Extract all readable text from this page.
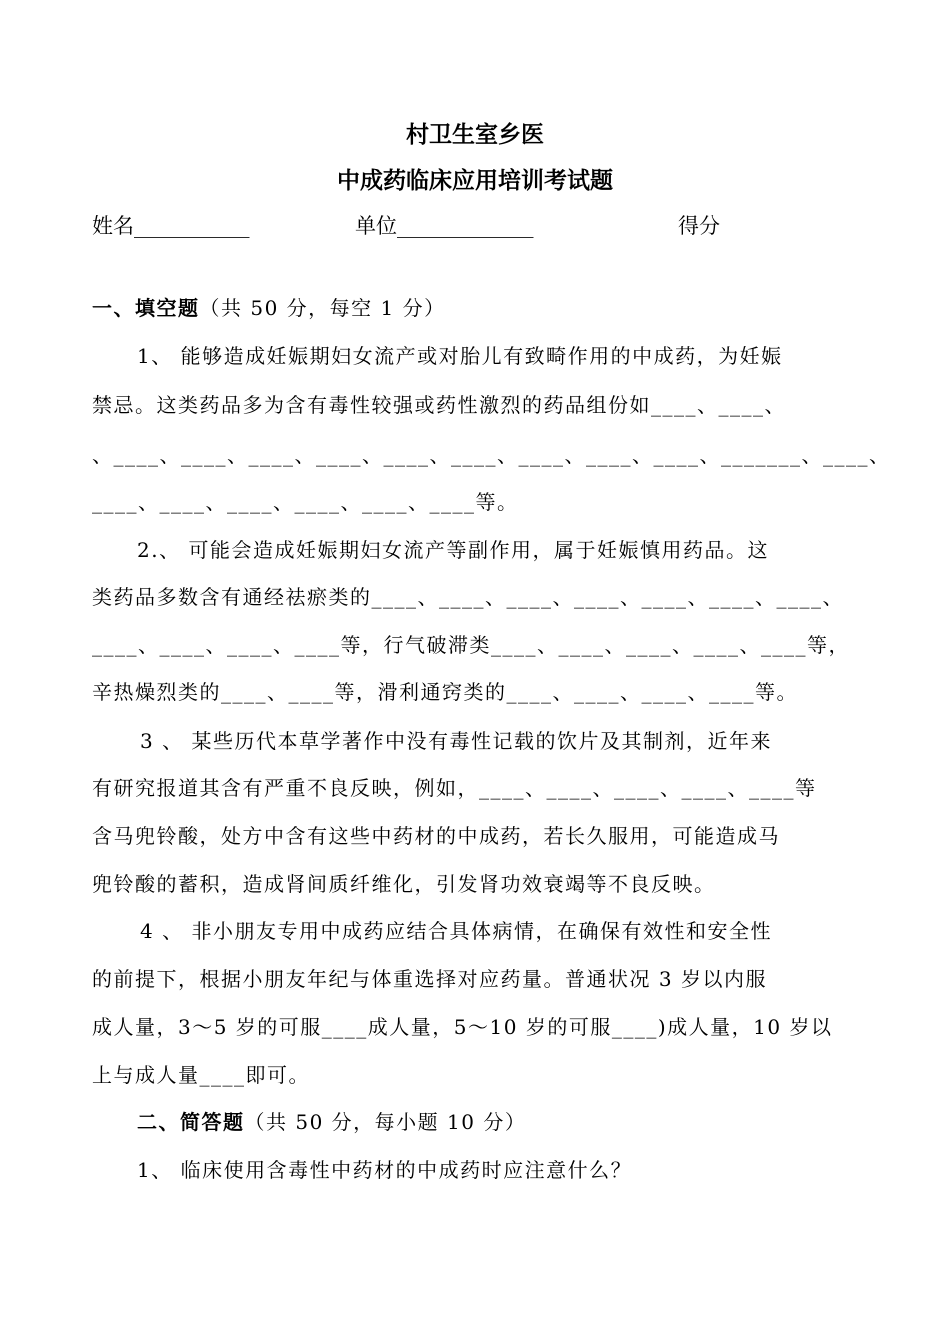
村卫生室乡医
中成药临床应用培训考试题
姓名___________	单位_____________	得分
一、填空题（共 50 分，每空 1 分）
1、 能够造成妊娠期妇女流产或对胎儿有致畸作用的中成药，为妊娠
禁忌。这类药品多为含有毒性较强或药性激烈的药品组份如____、____、
、____、____、____、____、____、____、____、____、____、_______、____、
____、____、____、____、____、____等。
2.、 可能会造成妊娠期妇女流产等副作用，属于妊娠慎用药品。这
类药品多数含有通经祛瘀类的____、____、____、____、____、____、____、
____、____、____、____等，行气破滞类____、____、____、____、____等，
辛热燥烈类的____、____等，滑利通窍类的____、____、____、____等。
3 、 某些历代本草学著作中没有毒性记载的饮片及其制剂，近年来
有研究报道其含有严重不良反映，例如，____、____、____、____、____等
含马兜铃酸，处方中含有这些中药材的中成药，若长久服用，可能造成马
兜铃酸的蓄积，造成肾间质纤维化，引发肾功效衰竭等不良反映。
4 、 非小朋友专用中成药应结合具体病情，在确保有效性和安全性
的前提下，根据小朋友年纪与体重选择对应药量。普通状况 3 岁以内服
成人量，3～5 岁的可服____成人量，5～10 岁的可服____)成人量，10 岁以
上与成人量____即可。
二、简答题（共 50 分，每小题 10 分）
1、 临床使用含毒性中药材的中成药时应注意什么？
